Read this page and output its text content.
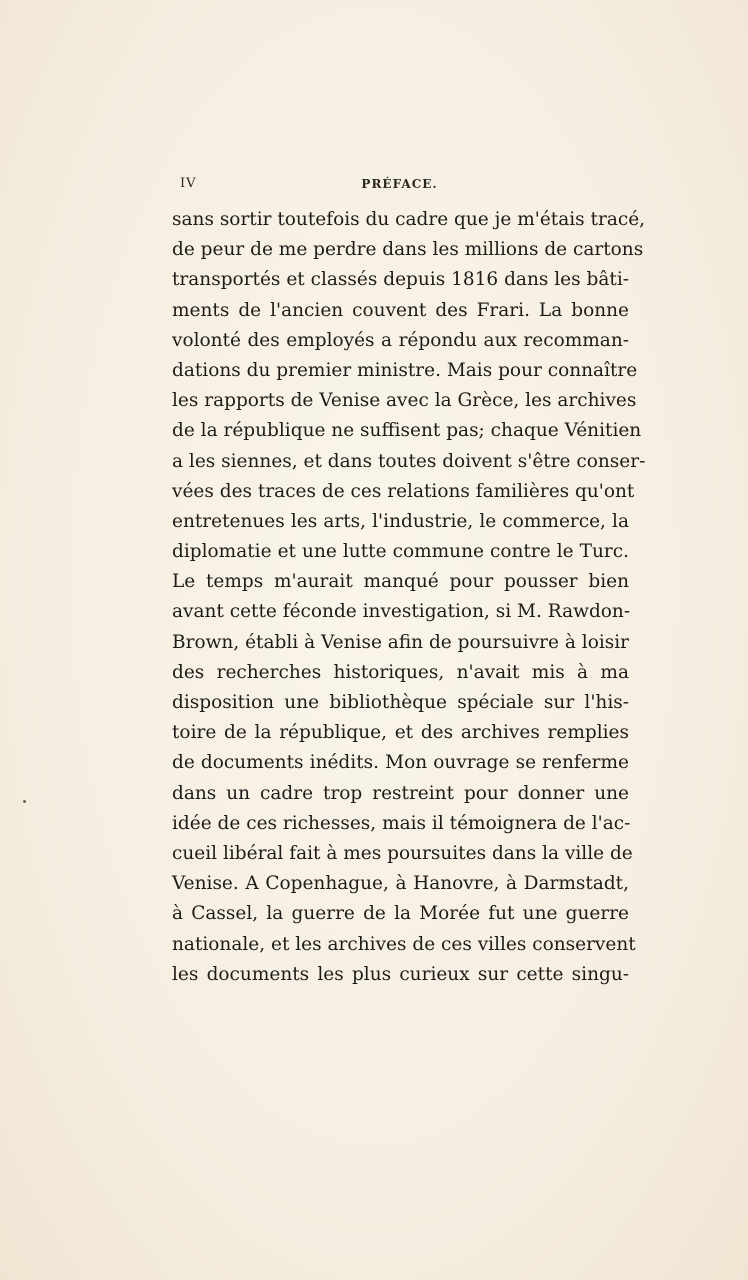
IV	PRÉFACE.
sans sortir toutefois du cadre que je m'étais tracé,
de peur de me perdre dans les millions de cartons
transportés et classés depuis 1816 dans les bâti-
ments de l'ancien couvent des Frari. La bonne
volonté des employés a répondu aux recomman-
dations du premier ministre. Mais pour connaître
les rapports de Venise avec la Grèce, les archives
de la république ne suffisent pas; chaque Vénitien
a les siennes, et dans toutes doivent s'être conser-
vées des traces de ces relations familières qu'ont
entretenues les arts, l'industrie, le commerce, la
diplomatie et une lutte commune contre le Turc.
Le temps m'aurait manqué pour pousser bien
avant cette féconde investigation, si M. Rawdon-
Brown, établi à Venise afin de poursuivre à loisir
des recherches historiques, n'avait mis à ma
disposition une bibliothèque spéciale sur l'his-
toire de la république, et des archives remplies
de documents inédits. Mon ouvrage se renferme
dans un cadre trop restreint pour donner une
idée de ces richesses, mais il témoignera de l'ac-
cueil libéral fait à mes poursuites dans la ville de
Venise. A Copenhague, à Hanovre, à Darmstadt,
à Cassel, la guerre de la Morée fut une guerre
nationale, et les archives de ces villes conservent
les documents les plus curieux sur cette singu-
